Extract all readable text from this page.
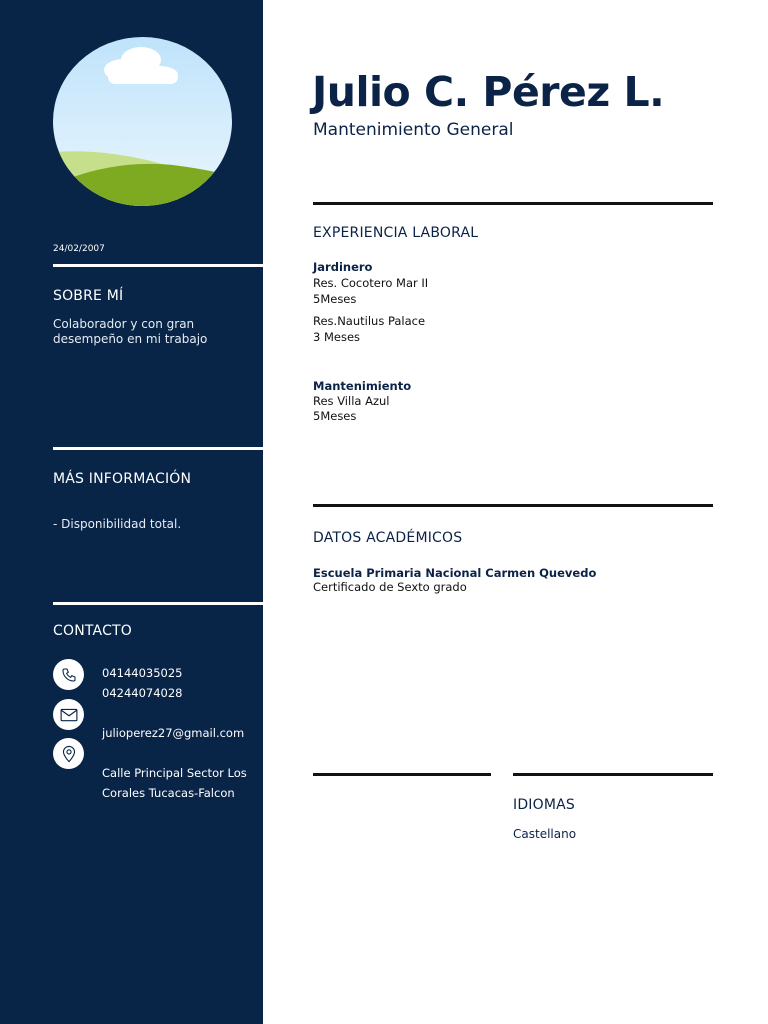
24/02/2007
SOBRE MÍ
Colaborador y con gran
desempeño en mi trabajo
MÁS INFORMACIÓN
- Disponibilidad total.
CONTACTO
04144035025
04244074028
julioperez27@gmail.com
Calle Principal Sector Los
Corales Tucacas-Falcon
Julio C. Pérez L.
Mantenimiento General
EXPERIENCIA LABORAL
Jardinero
Res. Cocotero Mar II
5Meses
Res.Nautilus Palace
3 Meses
Mantenimiento
Res Villa Azul
5Meses
DATOS ACADÉMICOS
Escuela Primaria Nacional Carmen Quevedo
Certificado de Sexto grado
IDIOMAS
Castellano
